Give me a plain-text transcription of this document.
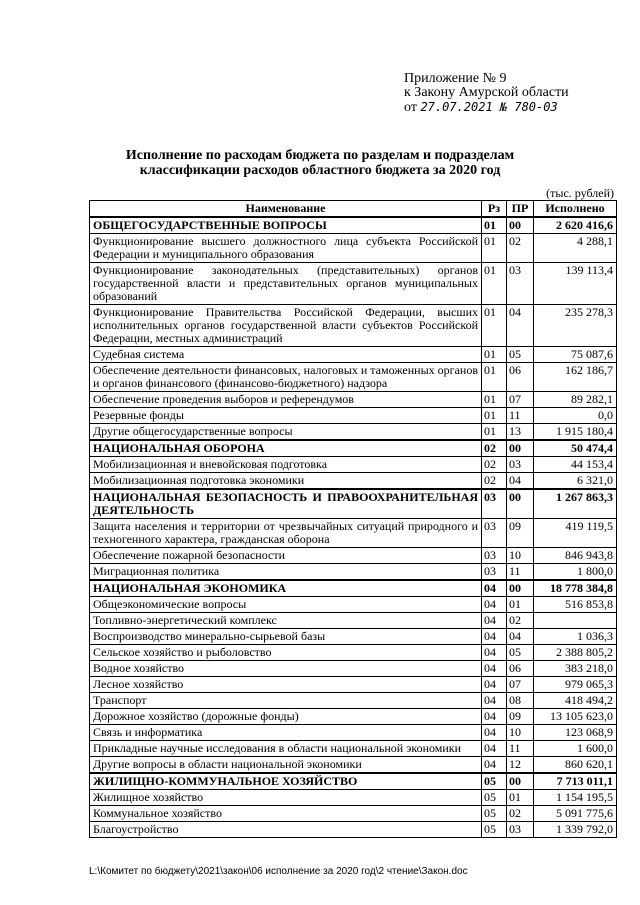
Приложение № 9
к Закону Амурской области
от 27.07.2021 № 780-03
Исполнение по расходам бюджета по разделам и подразделам
классификации расходов областного бюджета за 2020 год
(тыс. рублей)
Наименование	Рз	ПР	Исполнено
ОБЩЕГОСУДАРСТВЕННЫЕ ВОПРОСЫ	01	00	2 620 416,6
Функционирование высшего должностного лица субъекта Российской Федерации и муниципального образования	01	02	4 288,1
Функционирование законодательных (представительных) органов государственной власти и представительных органов муниципальных образований	01	03	139 113,4
Функционирование Правительства Российской Федерации, высших исполнительных органов государственной власти субъектов Российской Федерации, местных администраций	01	04	235 278,3
Судебная система	01	05	75 087,6
Обеспечение деятельности финансовых, налоговых и таможенных органов и органов финансового (финансово-бюджетного) надзора	01	06	162 186,7
Обеспечение проведения выборов и референдумов	01	07	89 282,1
Резервные фонды	01	11	0,0
Другие общегосударственные вопросы	01	13	1 915 180,4
НАЦИОНАЛЬНАЯ ОБОРОНА	02	00	50 474,4
Мобилизационная и вневойсковая подготовка	02	03	44 153,4
Мобилизационная подготовка экономики	02	04	6 321,0
НАЦИОНАЛЬНАЯ БЕЗОПАСНОСТЬ И ПРАВООХРАНИТЕЛЬНАЯ ДЕЯТЕЛЬНОСТЬ	03	00	1 267 863,3
Защита населения и территории от чрезвычайных ситуаций природного и техногенного характера, гражданская оборона	03	09	419 119,5
Обеспечение пожарной безопасности	03	10	846 943,8
Миграционная политика	03	11	1 800,0
НАЦИОНАЛЬНАЯ ЭКОНОМИКА	04	00	18 778 384,8
Общеэкономические вопросы	04	01	516 853,8
Топливно-энергетический комплекс	04	02	
Воспроизводство минерально-сырьевой базы	04	04	1 036,3
Сельское хозяйство и рыболовство	04	05	2 388 805,2
Водное хозяйство	04	06	383 218,0
Лесное хозяйство	04	07	979 065,3
Транспорт	04	08	418 494,2
Дорожное хозяйство (дорожные фонды)	04	09	13 105 623,0
Связь и информатика	04	10	123 068,9
Прикладные научные исследования в области национальной экономики	04	11	1 600,0
Другие вопросы в области национальной экономики	04	12	860 620,1
ЖИЛИЩНО-КОММУНАЛЬНОЕ ХОЗЯЙСТВО	05	00	7 713 011,1
Жилищное хозяйство	05	01	1 154 195,5
Коммунальное хозяйство	05	02	5 091 775,6
Благоустройство	05	03	1 339 792,0
L:\Комитет по бюджету\2021\закон\06 исполнение за 2020 год\2 чтение\Закон.doc
